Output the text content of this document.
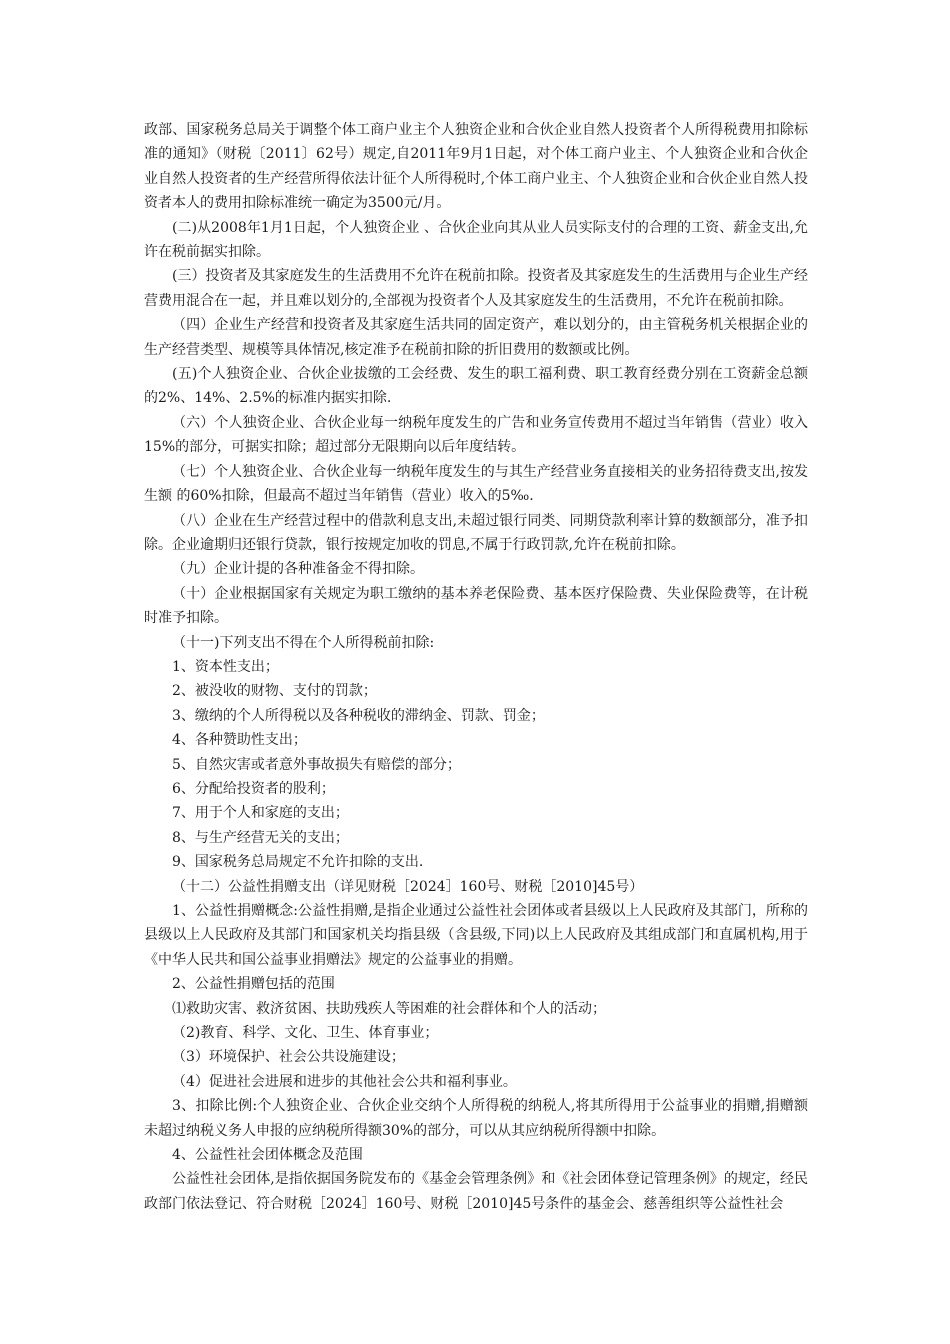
政部、国家税务总局关于调整个体工商户业主个人独资企业和合伙企业自然人投资者个人所得税费用扣除标准的通知》（财税〔2011〕62号）规定,自2011年9月1日起，对个体工商户业主、个人独资企业和合伙企业自然人投资者的生产经营所得依法计征个人所得税时,个体工商户业主、个人独资企业和合伙企业自然人投资者本人的费用扣除标准统一确定为3500元/月。

(二)从2008年1月1日起，个人独资企业 、合伙企业向其从业人员实际支付的合理的工资、薪金支出,允许在税前据实扣除。

(三）投资者及其家庭发生的生活费用不允许在税前扣除。投资者及其家庭发生的生活费用与企业生产经营费用混合在一起，并且难以划分的,全部视为投资者个人及其家庭发生的生活费用，不允许在税前扣除。

（四）企业生产经营和投资者及其家庭生活共同的固定资产，难以划分的，由主管税务机关根据企业的生产经营类型、规模等具体情况,核定准予在税前扣除的折旧费用的数额或比例。

(五)个人独资企业、合伙企业拔缴的工会经费、发生的职工福利费、职工教育经费分别在工资薪金总额的2%、14%、2.5%的标准内据实扣除.

（六）个人独资企业、合伙企业每一纳税年度发生的广告和业务宣传费用不超过当年销售（营业）收入15%的部分，可据实扣除；超过部分无限期向以后年度结转。

（七）个人独资企业、合伙企业每一纳税年度发生的与其生产经营业务直接相关的业务招待费支出,按发生额 的60%扣除，但最高不超过当年销售（营业）收入的5‰.

（八）企业在生产经营过程中的借款利息支出,未超过银行同类、同期贷款利率计算的数额部分，准予扣除。企业逾期归还银行贷款，银行按规定加收的罚息,不属于行政罚款,允许在税前扣除。

（九）企业计提的各种准备金不得扣除。

（十）企业根据国家有关规定为职工缴纳的基本养老保险费、基本医疗保险费、失业保险费等，在计税时准予扣除。

（十一)下列支出不得在个人所得税前扣除:

1、资本性支出；

2、被没收的财物、支付的罚款；

3、缴纳的个人所得税以及各种税收的滞纳金、罚款、罚金；

4、各种赞助性支出；

5、自然灾害或者意外事故损失有赔偿的部分；

6、分配给投资者的股利；

7、用于个人和家庭的支出；

8、与生产经营无关的支出；

9、国家税务总局规定不允许扣除的支出.

（十二）公益性捐赠支出（详见财税［2024］160号、财税［2010]45号）

1、公益性捐赠概念:公益性捐赠,是指企业通过公益性社会团体或者县级以上人民政府及其部门，所称的县级以上人民政府及其部门和国家机关均指县级（含县级,下同)以上人民政府及其组成部门和直属机构,用于《中华人民共和国公益事业捐赠法》规定的公益事业的捐赠。

2、公益性捐赠包括的范围

⑴救助灾害、救济贫困、扶助残疾人等困难的社会群体和个人的活动；

（2)教育、科学、文化、卫生、体育事业；

（3）环境保护、社会公共设施建设；

（4）促进社会进展和进步的其他社会公共和福利事业。

3、扣除比例:个人独资企业、合伙企业交纳个人所得税的纳税人,将其所得用于公益事业的捐赠,捐赠额未超过纳税义务人申报的应纳税所得额30%的部分，可以从其应纳税所得额中扣除。

4、公益性社会团体概念及范围

公益性社会团体,是指依据国务院发布的《基金会管理条例》和《社会团体登记管理条例》的规定，经民政部门依法登记、符合财税［2024］160号、财税［2010]45号条件的基金会、慈善组织等公益性社会
